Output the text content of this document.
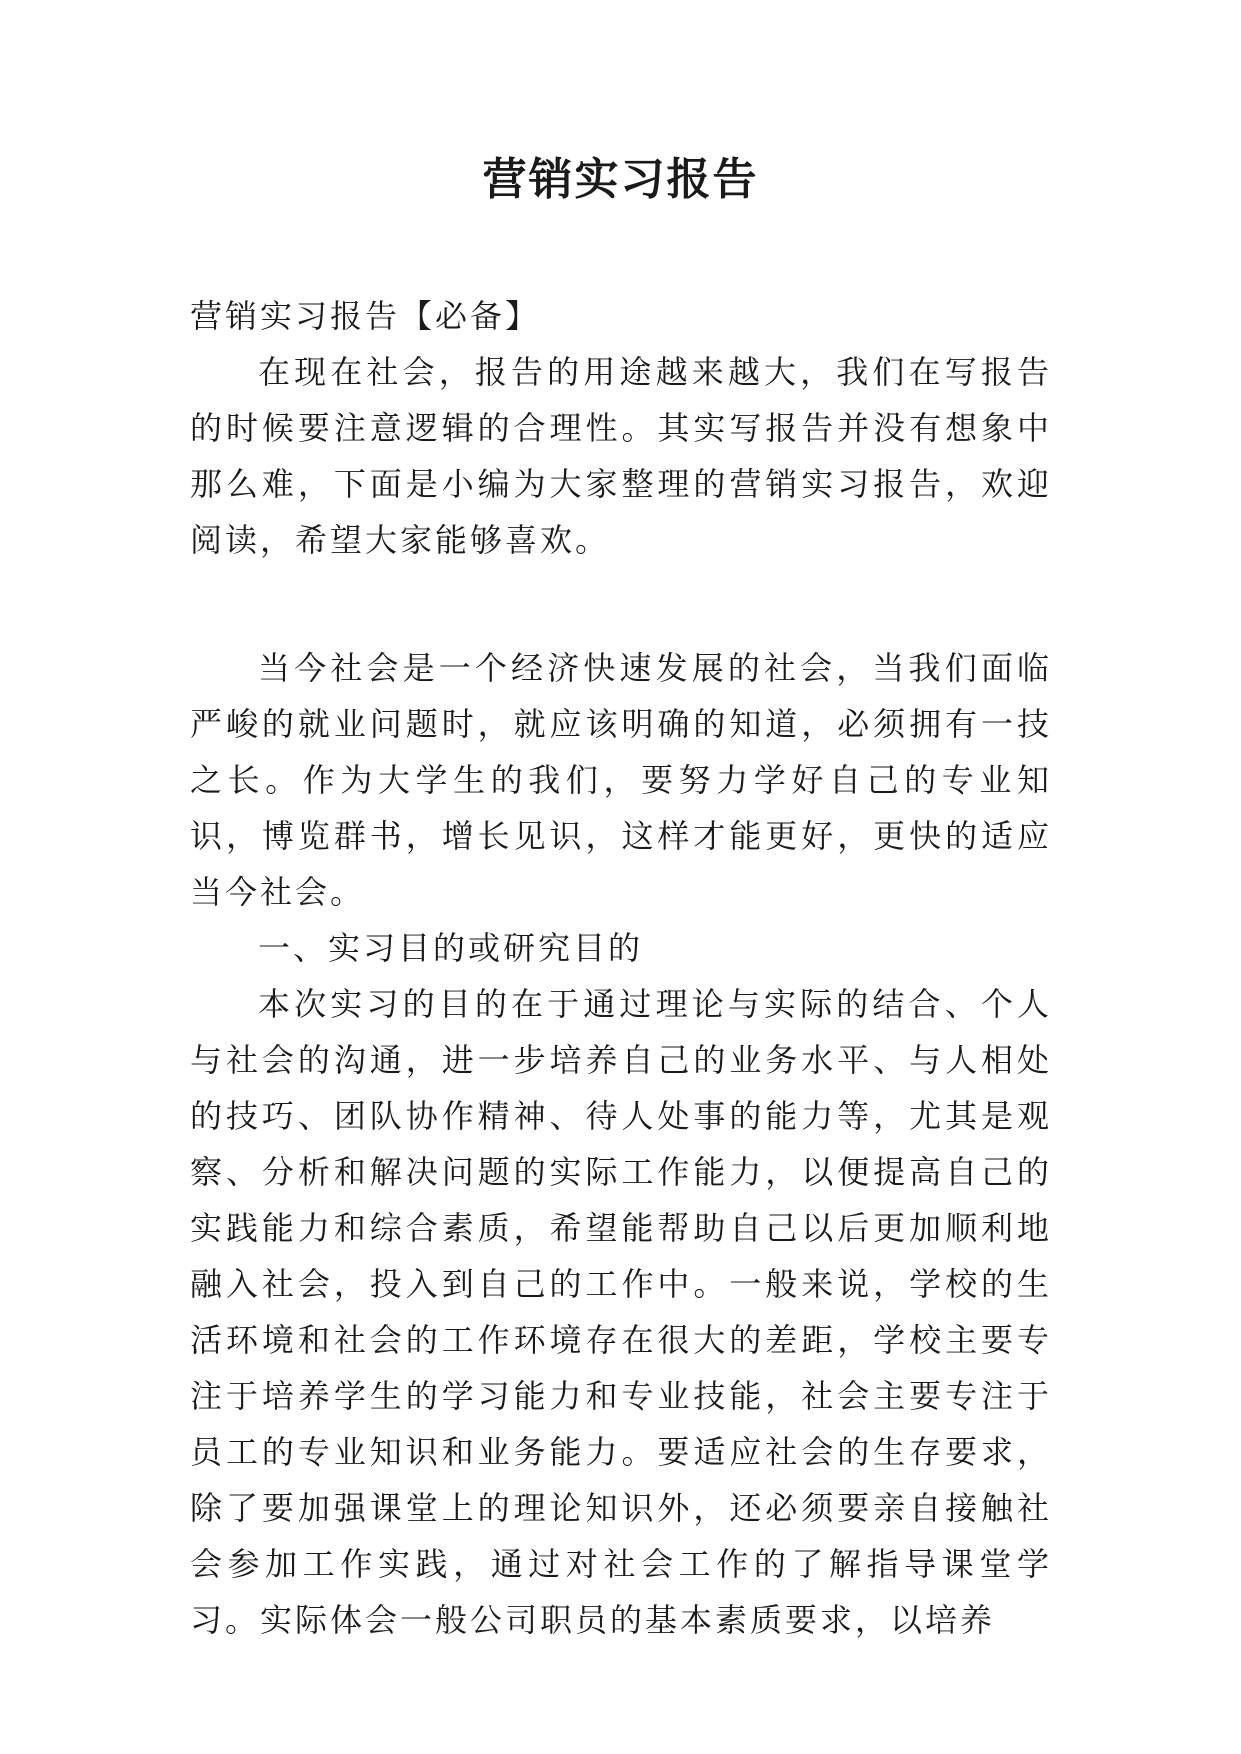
营销实习报告
营销实习报告【必备】

在现在社会，报告的用途越来越大，我们在写报告的时候要注意逻辑的合理性。其实写报告并没有想象中那么难，下面是小编为大家整理的营销实习报告，欢迎阅读，希望大家能够喜欢。

当今社会是一个经济快速发展的社会，当我们面临严峻的就业问题时，就应该明确的知道，必须拥有一技之长。作为大学生的我们，要努力学好自己的专业知识，博览群书，增长见识，这样才能更好，更快的适应当今社会。

一、实习目的或研究目的

本次实习的目的在于通过理论与实际的结合、个人与社会的沟通，进一步培养自己的业务水平、与人相处的技巧、团队协作精神、待人处事的能力等，尤其是观察、分析和解决问题的实际工作能力，以便提高自己的实践能力和综合素质，希望能帮助自己以后更加顺利地融入社会，投入到自己的工作中。一般来说，学校的生活环境和社会的工作环境存在很大的差距，学校主要专注于培养学生的学习能力和专业技能，社会主要专注于员工的专业知识和业务能力。要适应社会的生存要求，除了要加强课堂上的理论知识外，还必须要亲自接触社会参加工作实践，通过对社会工作的了解指导课堂学习。实际体会一般公司职员的基本素质要求，以培养
